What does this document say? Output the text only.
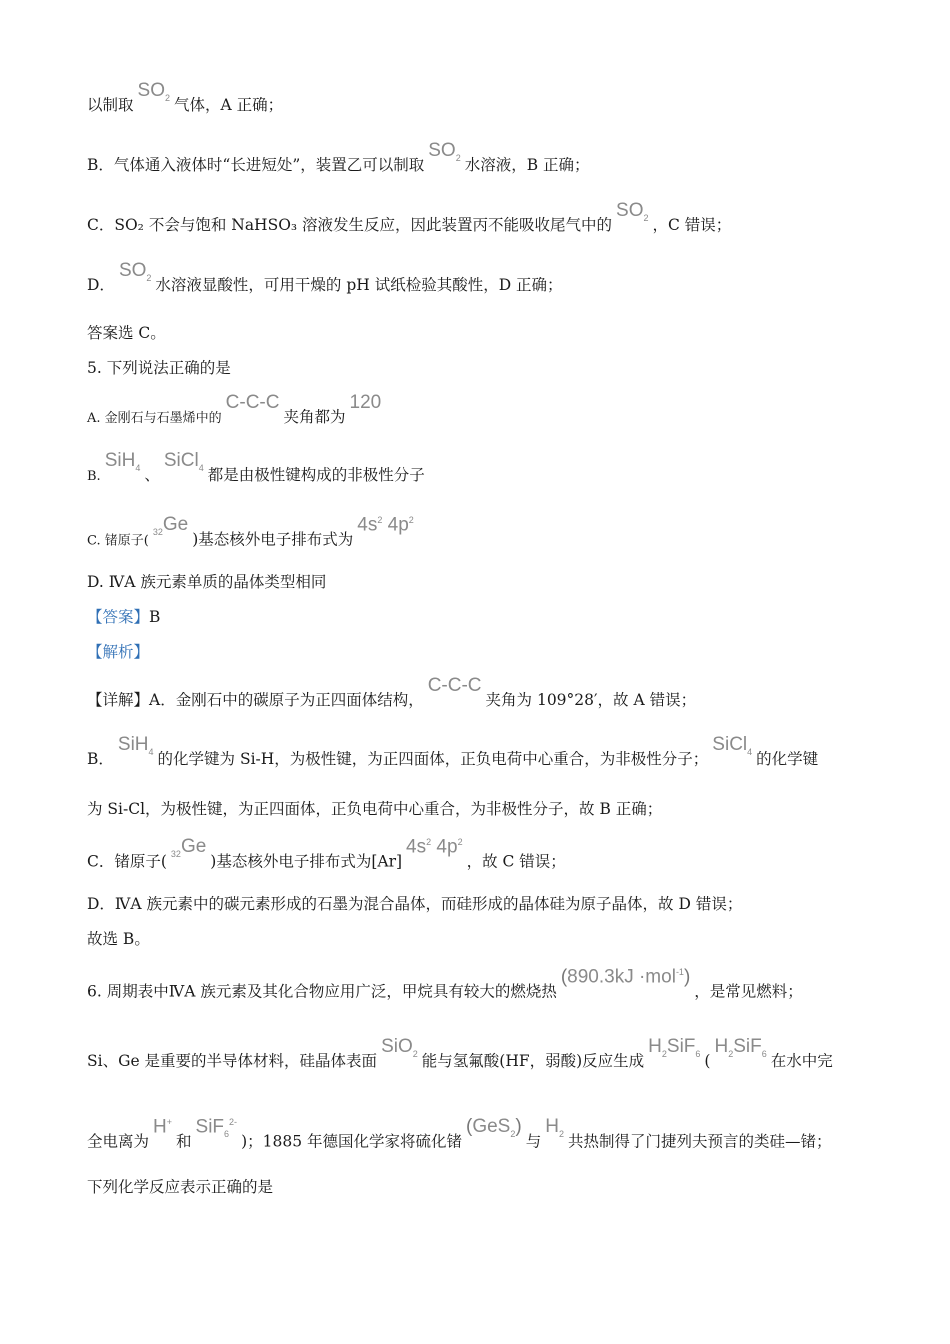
以制取$SO_2$ 气体，A 正确；
B．气体通入液体时“长进短处”，装置乙可以制取$SO_2$ 水溶液，B 正确；
C．SO₂ 不会与饱和 NaHSO₃ 溶液发生反应，因此装置丙不能吸收尾气中的$SO_2$ ，C 错误；
D．$SO_2$ 水溶液显酸性，可用干燥的 pH 试纸检验其酸性，D 正确；
答案选 C。
5. 下列说法正确的是
A. 金刚石与石墨烯中的C-C-C夹角都为120
B.SiH$_4$ 、SiCl$_4$ 都是由极性键构成的非极性分子
C. 锗原子$(_{32}Ge)$基态核外电子排布式为$4s^2$ $4p^2$
D. ⅣA 族元素单质的晶体类型相同
【答案】B
【解析】
【详解】A．金刚石中的碳原子为正四面体结构，C-C-C夹角为 109°28′，故 A 错误；
B．SiH$_4$ 的化学键为 Si-H，为极性键，为正四面体，正负电荷中心重合，为非极性分子；SiCl$_4$ 的化学键
为 Si-Cl，为极性键，为正四面体，正负电荷中心重合，为非极性分子，故 B 正确；
C．锗原子( $_{32}$Ge)基态核外电子排布式为$[Ar]4s^2$ $4p^2$，故 C 错误；
D．ⅣA 族元素中的碳元素形成的石墨为混合晶体，而硅形成的晶体硅为原子晶体，故 D 错误；
故选 B。
6. 周期表中ⅣA 族元素及其化合物应用广泛，甲烷具有较大的燃烧热(890.3kJ ·mol$^{-1}$)，是常见燃料；
Si、Ge 是重要的半导体材料，硅晶体表面SiO$_2$ 能与氢氟酸(HF，弱酸)反应生成$H_2SiF_6$ ($H_2SiF_6$ 在水中完
全电离为H+和SiF$_6^{2-}$)；1885 年德国化学家将硫化锗(GeS$_2$)与$H_2$ 共热制得了门捷列夫预言的类硅—锗；
下列化学反应表示正确的是
